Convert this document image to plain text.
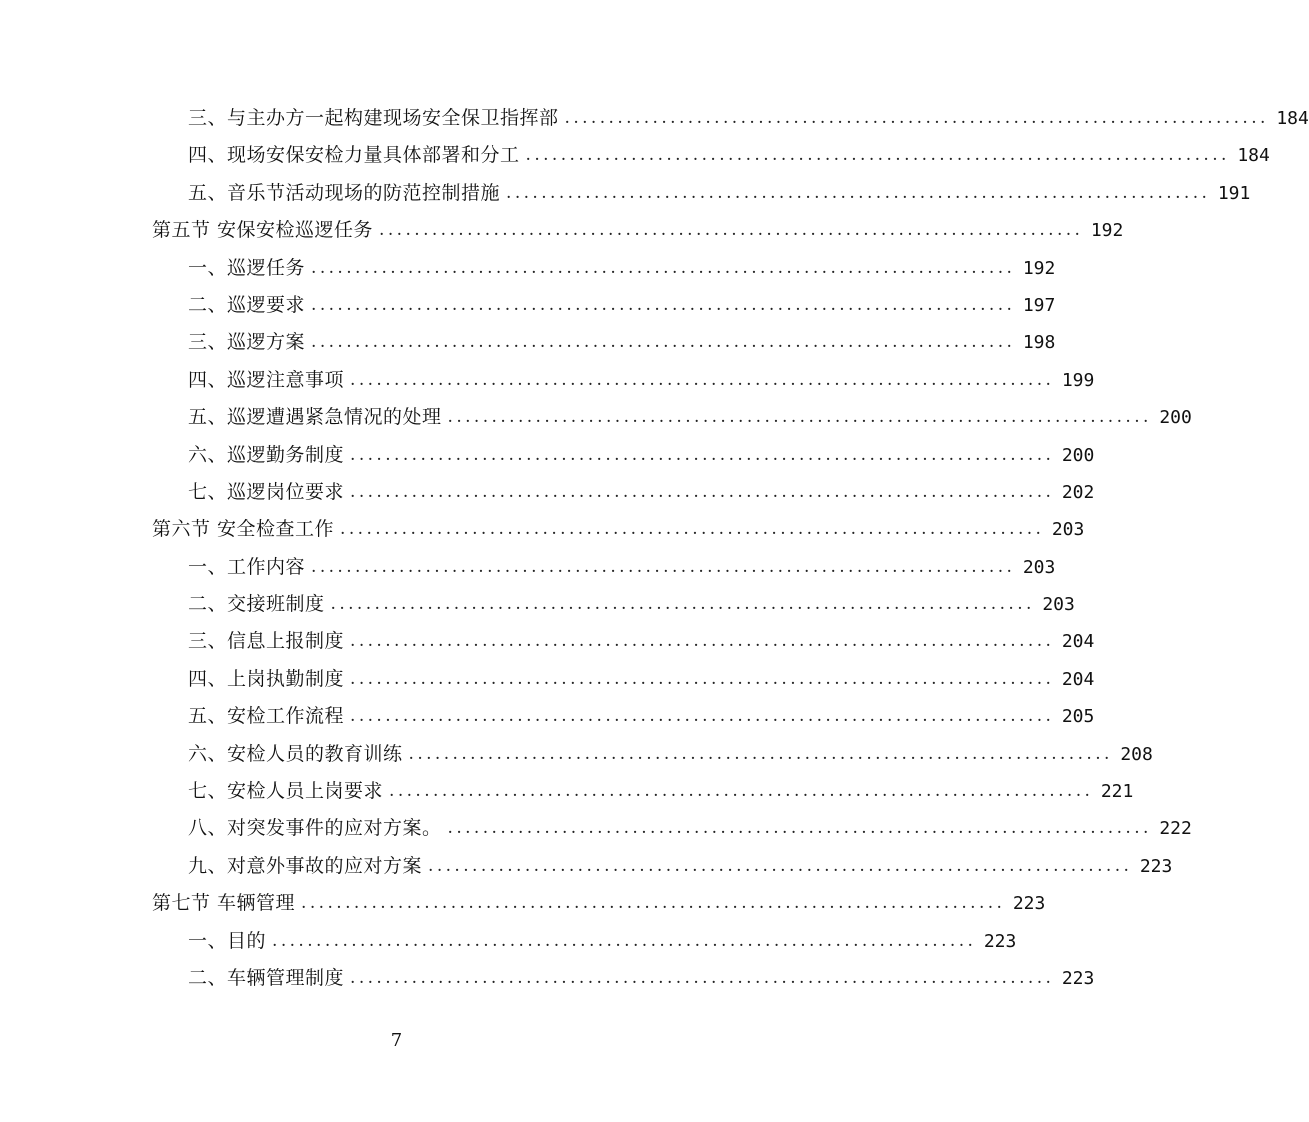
三、与主办方一起构建现场安全保卫指挥部 ................................................................................ 184
四、现场安保安检力量具体部署和分工 ................................................................................ 184
五、音乐节活动现场的防范控制措施 ................................................................................ 191
第五节 安保安检巡逻任务 ................................................................................ 192
一、巡逻任务 ................................................................................ 192
二、巡逻要求 ................................................................................ 197
三、巡逻方案 ................................................................................ 198
四、巡逻注意事项 ................................................................................ 199
五、巡逻遭遇紧急情况的处理 ................................................................................ 200
六、巡逻勤务制度 ................................................................................ 200
七、巡逻岗位要求 ................................................................................ 202
第六节 安全检查工作 ................................................................................ 203
一、工作内容 ................................................................................ 203
二、交接班制度 ................................................................................ 203
三、信息上报制度 ................................................................................ 204
四、上岗执勤制度 ................................................................................ 204
五、安检工作流程 ................................................................................ 205
六、安检人员的教育训练 ................................................................................ 208
七、安检人员上岗要求 ................................................................................ 221
八、对突发事件的应对方案。 ................................................................................ 222
九、对意外事故的应对方案 ................................................................................ 223
第七节 车辆管理 ................................................................................ 223
一、目的 ................................................................................ 223
二、车辆管理制度 ................................................................................ 223
7
